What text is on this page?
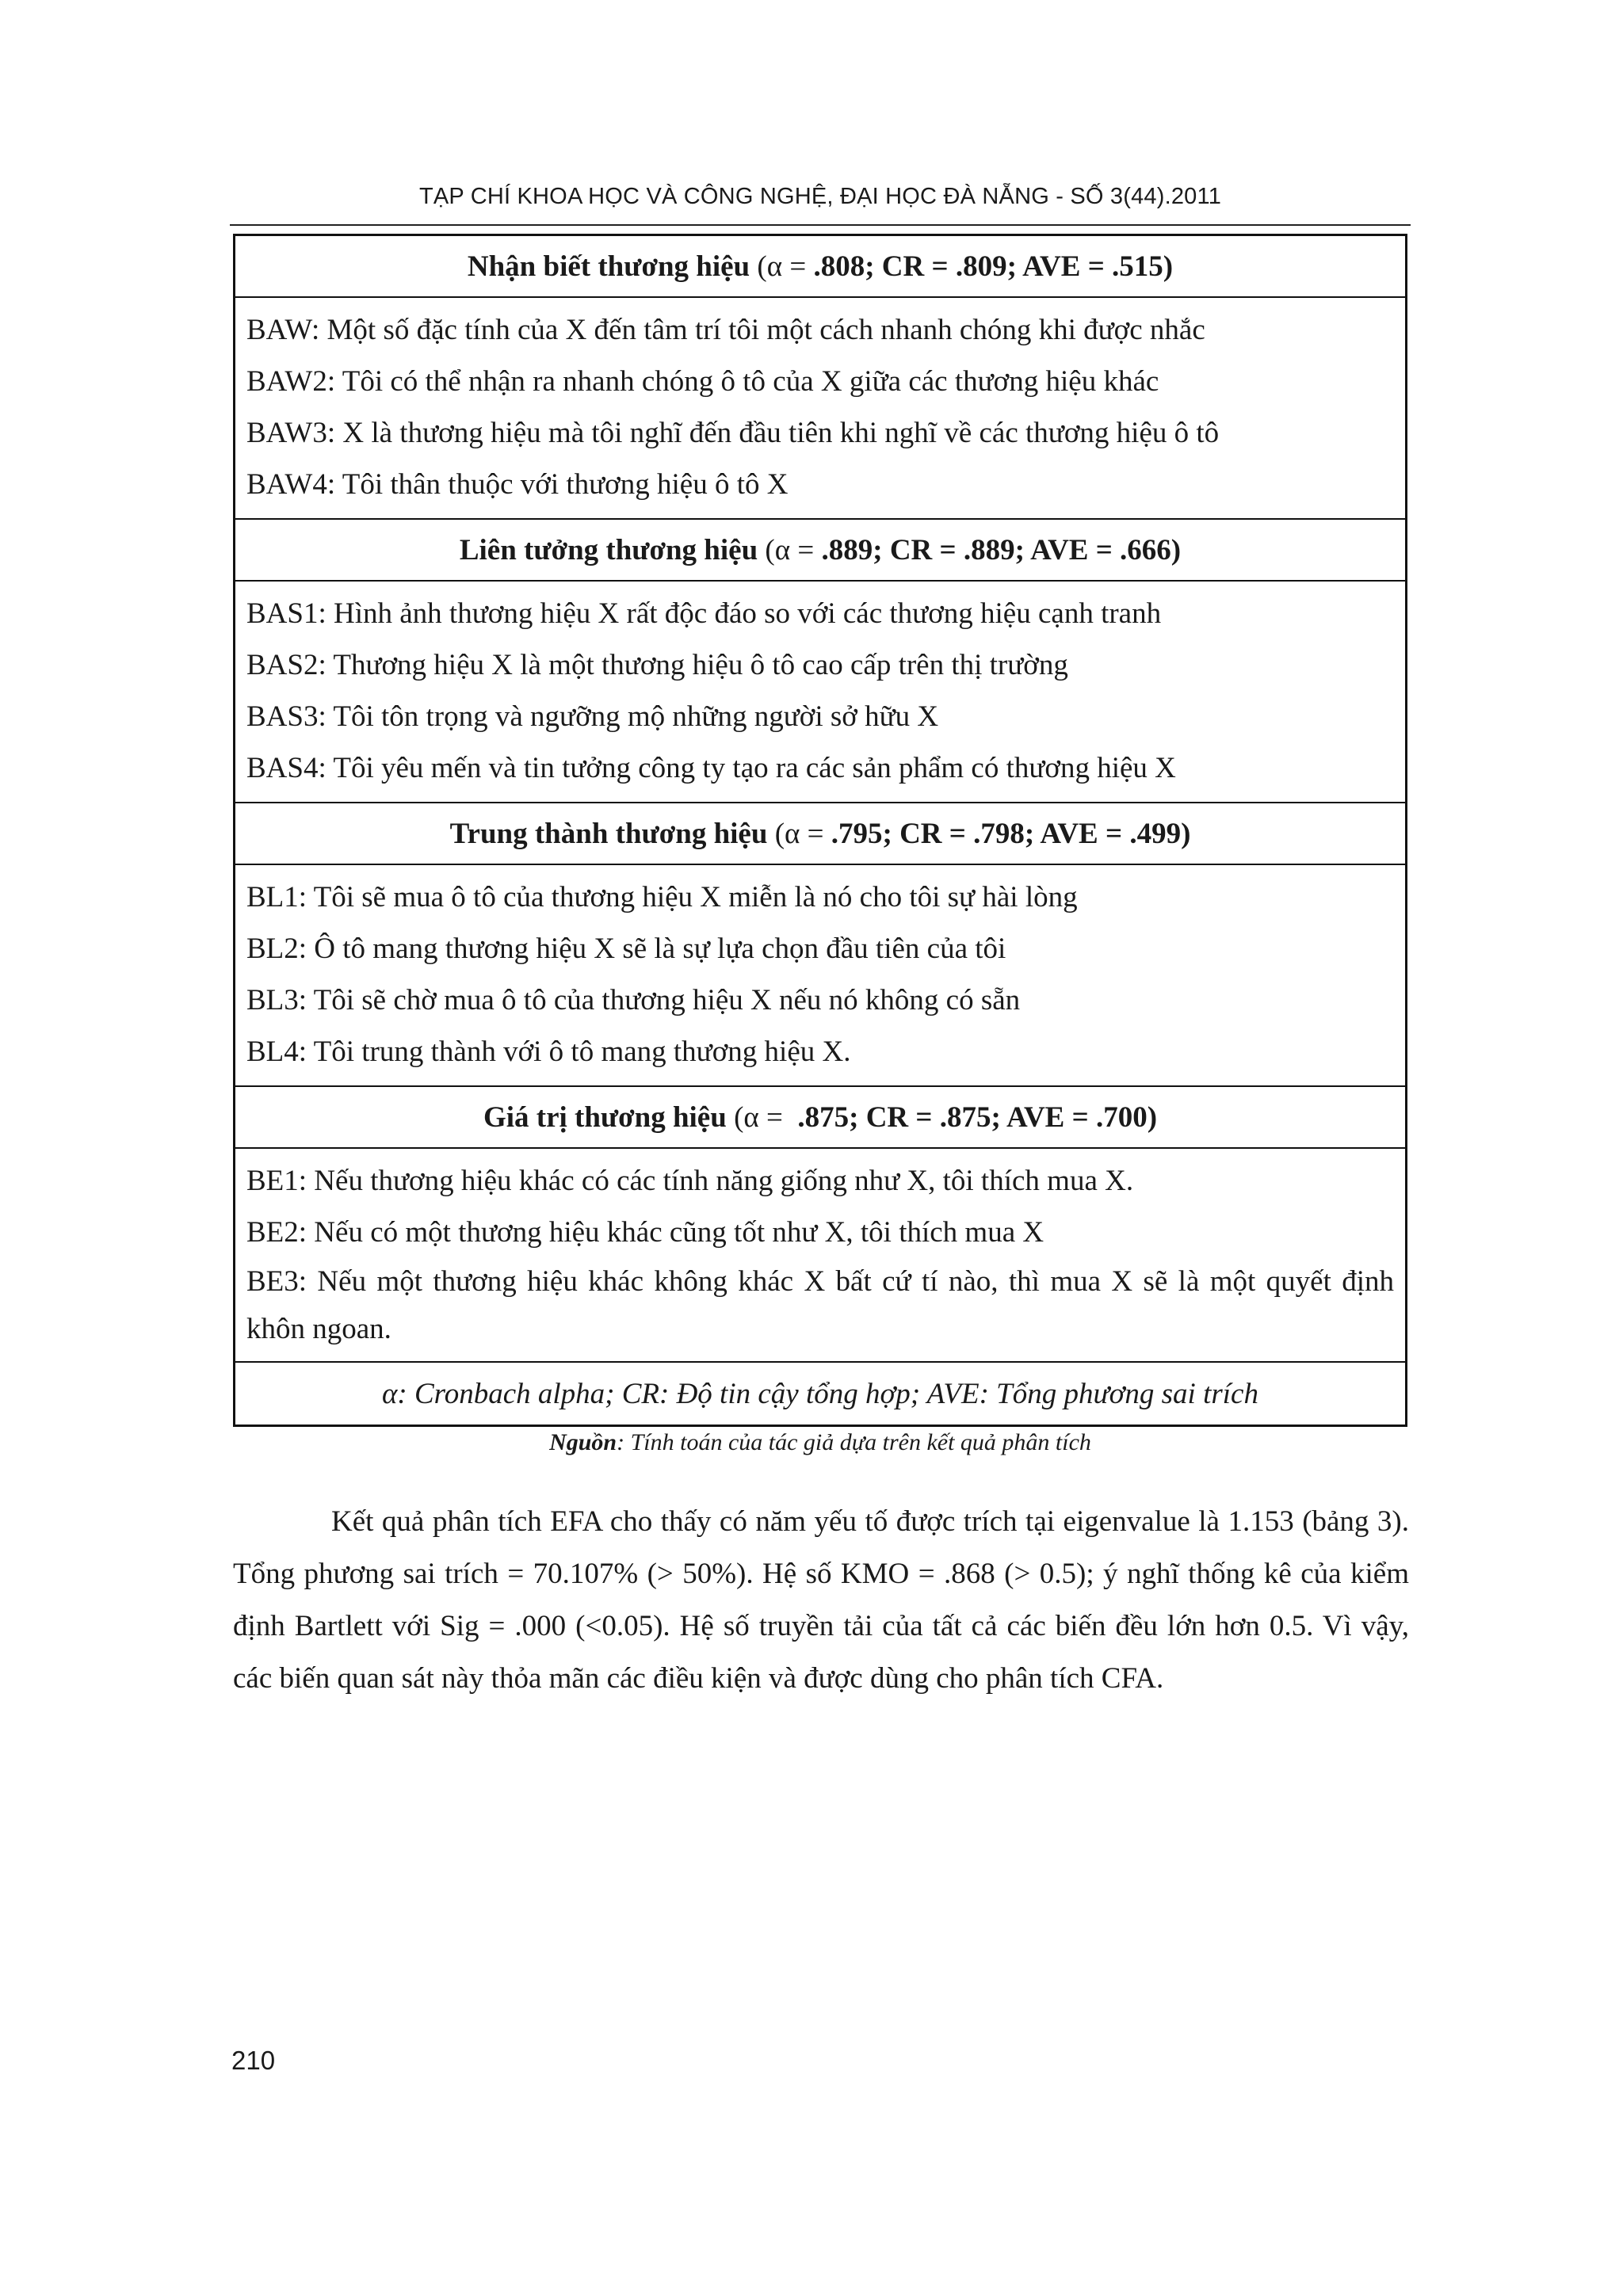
TẠP CHÍ KHOA HỌC VÀ CÔNG NGHỆ, ĐẠI HỌC ĐÀ NẴNG - SỐ 3(44).2011
Nhận biết thương hiệu (α = .808; CR = .809; AVE = .515)
BAW: Một số đặc tính của X đến tâm trí tôi một cách nhanh chóng khi được nhắc
BAW2: Tôi có thể nhận ra nhanh chóng ô tô của X giữa các thương hiệu khác
BAW3: X là thương hiệu mà tôi nghĩ đến đầu tiên khi nghĩ về các thương hiệu ô tô
BAW4: Tôi thân thuộc với thương hiệu ô tô X
Liên tưởng thương hiệu (α = .889; CR = .889; AVE = .666)
BAS1: Hình ảnh thương hiệu X rất độc đáo so với các thương hiệu cạnh tranh
BAS2: Thương hiệu X là một thương hiệu ô tô cao cấp trên thị trường
BAS3: Tôi tôn trọng và ngưỡng mộ những người sở hữu X
BAS4: Tôi yêu mến và tin tưởng công ty tạo ra các sản phẩm có thương hiệu X
Trung thành thương hiệu (α = .795; CR = .798; AVE = .499)
BL1: Tôi sẽ mua ô tô của thương hiệu X miễn là nó cho tôi sự hài lòng
BL2: Ô tô mang thương hiệu X sẽ là sự lựa chọn đầu tiên của tôi
BL3: Tôi sẽ chờ mua ô tô của thương hiệu X nếu nó không có sẵn
BL4: Tôi trung thành với ô tô mang thương hiệu X.
Giá trị thương hiệu (α = .875; CR = .875; AVE = .700)
BE1: Nếu thương hiệu khác có các tính năng giống như X, tôi thích mua X.
BE2: Nếu có một thương hiệu khác cũng tốt như X, tôi thích mua X
BE3: Nếu một thương hiệu khác không khác X bất cứ tí nào, thì mua X sẽ là một quyết định khôn ngoan.
α: Cronbach alpha; CR: Độ tin cậy tổng hợp; AVE: Tổng phương sai trích
Nguồn: Tính toán của tác giả dựa trên kết quả phân tích
Kết quả phân tích EFA cho thấy có năm yếu tố được trích tại eigenvalue là 1.153 (bảng 3). Tổng phương sai trích = 70.107% (> 50%). Hệ số KMO = .868 (> 0.5); ý nghĩ thống kê của kiểm định Bartlett với Sig = .000 (<0.05). Hệ số truyền tải của tất cả các biến đều lớn hơn 0.5. Vì vậy, các biến quan sát này thỏa mãn các điều kiện và được dùng cho phân tích CFA.
210
